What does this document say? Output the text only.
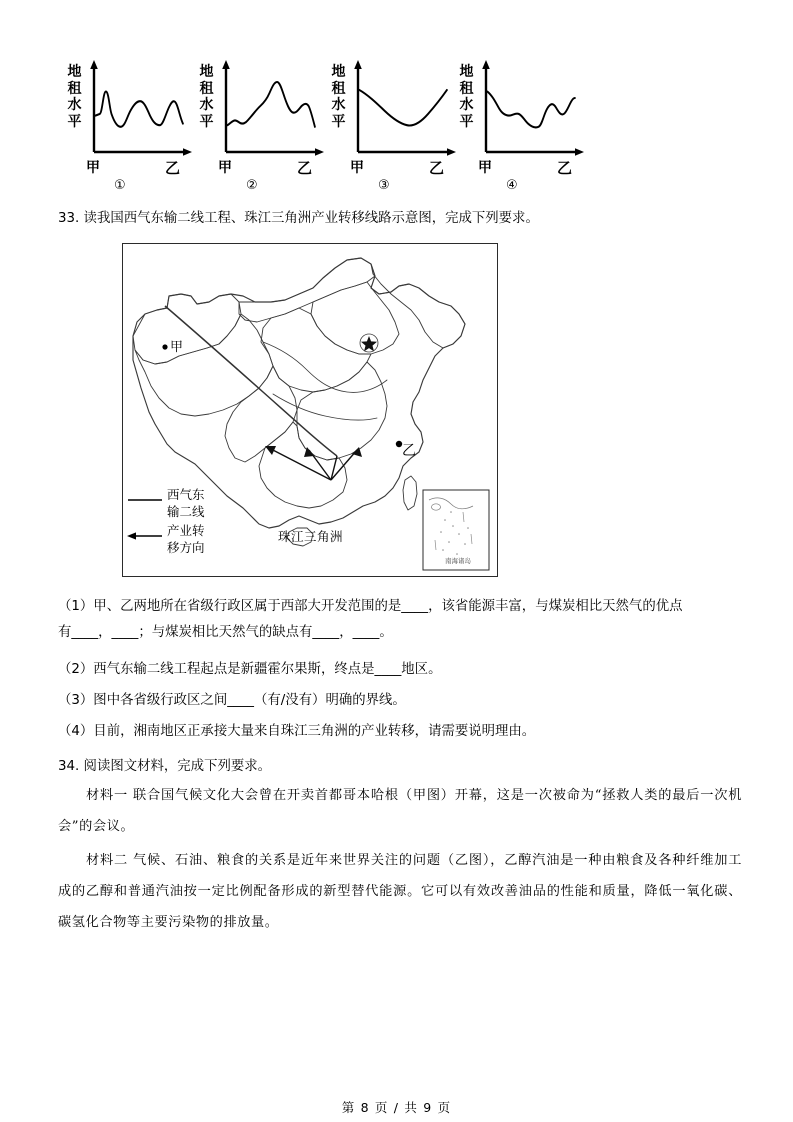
地租水平
甲	乙
①
地租水平
甲	乙
②
地租水平
甲	乙
③
地租水平
甲	乙
④
33. 读我国西气东输二线工程、珠江三角洲产业转移线路示意图，完成下列要求。
甲
乙
珠江三角洲
南海诸岛
西气东
输二线
产业转
移方向
（1）甲、乙两地所在省级行政区属于西部大开发范围的是____，该省能源丰富，与煤炭相比天然气的优点
有____，____；与煤炭相比天然气的缺点有____，____。
（2）西气东输二线工程起点是新疆霍尔果斯，终点是____地区。
（3）图中各省级行政区之间____（有/没有）明确的界线。
（4）目前，湘南地区正承接大量来自珠江三角洲的产业转移，请需要说明理由。
34. 阅读图文材料，完成下列要求。
材料一 联合国气候文化大会曾在开卖首都哥本哈根（甲图）开幕，这是一次被命为“拯救人类的最后一次机会”的会议。
材料二 气候、石油、粮食的关系是近年来世界关注的问题（乙图），乙醇汽油是一种由粮食及各种纤维加工成的乙醇和普通汽油按一定比例配备形成的新型替代能源。它可以有效改善油品的性能和质量，降低一氧化碳、碳氢化合物等主要污染物的排放量。
第 8 页 / 共 9 页
